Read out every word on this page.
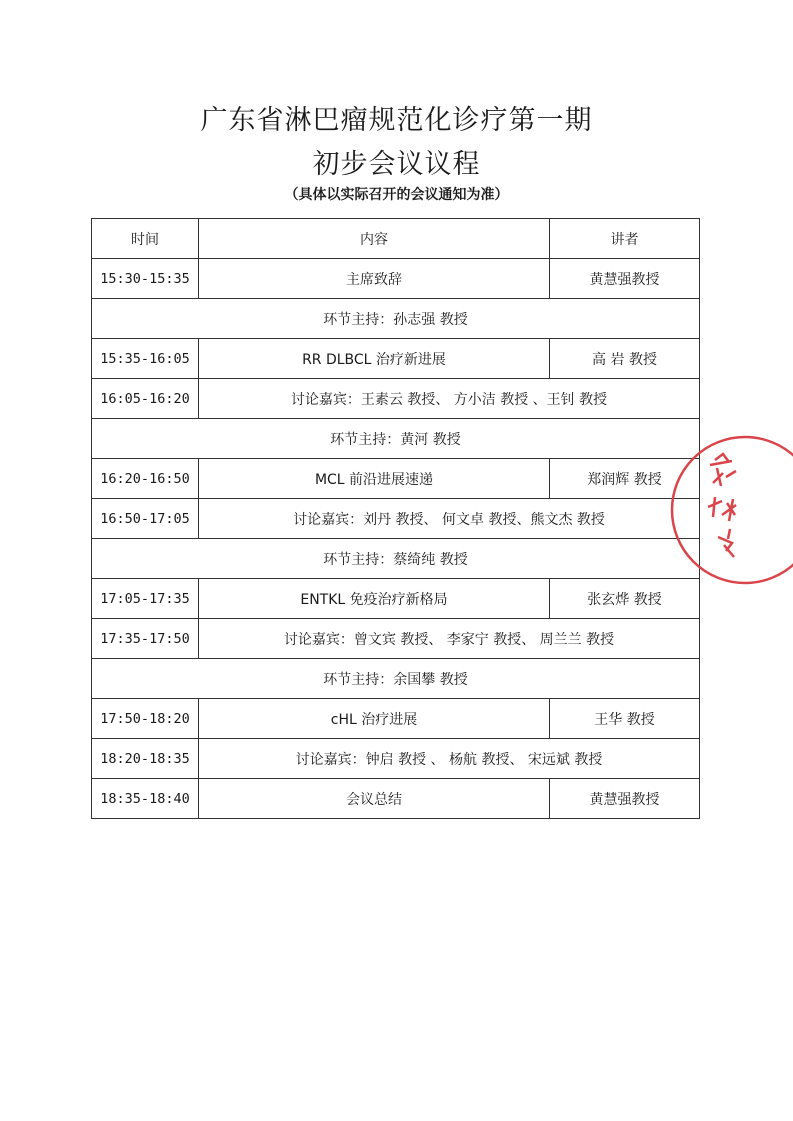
广东省淋巴瘤规范化诊疗第一期
初步会议议程
（具体以实际召开的会议通知为准）
时间	内容	讲者
15:30-15:35	主席致辞	黄慧强教授
环节主持：孙志强 教授		
15:35-16:05	RR DLBCL 治疗新进展	高 岩 教授
16:05-16:20	讨论嘉宾：王素云 教授、 方小洁 教授 、王钊 教授	
环节主持：黄河 教授		
16:20-16:50	MCL 前沿进展速递	郑润辉 教授
16:50-17:05	讨论嘉宾：刘丹 教授、 何文卓 教授、熊文杰 教授	
环节主持：蔡绮纯 教授		
17:05-17:35	ENTKL 免疫治疗新格局	张玄烨 教授
17:35-17:50	讨论嘉宾：曾文宾 教授、 李家宁 教授、 周兰兰 教授	
环节主持：余国攀 教授		
17:50-18:20	cHL 治疗进展	王华 教授
18:20-18:35	讨论嘉宾：钟启 教授 、 杨航 教授、 宋远斌 教授	
18:35-18:40	会议总结	黄慧强教授
